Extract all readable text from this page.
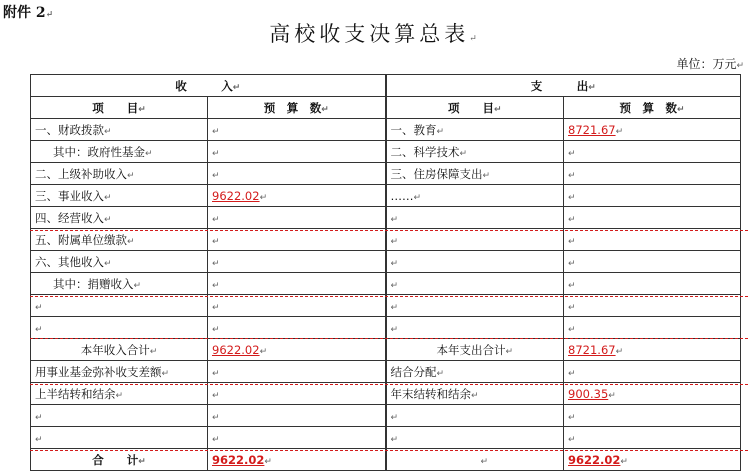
附件 2↵
高校收支决算总表↵
单位：万元↵
收　　　入↵		支　　　出↵	
项　　目↵	预　算　数↵	项　　目↵	预　算　数↵
一、财政拨款↵	↵	一、教育↵	8721.67↵
其中：政府性基金↵	↵	二、科学技术↵	↵
二、上级补助收入↵	↵	三、住房保障支出↵	↵
三、事业收入↵	9622.02↵	……↵	↵
四、经营收入↵	↵	↵	↵
五、附属单位缴款↵	↵	↵	↵
六、其他收入↵	↵	↵	↵
其中：捐赠收入↵	↵	↵	↵
↵	↵	↵	↵
↵	↵	↵	↵
本年收入合计↵	9622.02↵	本年支出合计↵	8721.67↵
用事业基金弥补收支差额↵	↵	结合分配↵	↵
上半结转和结余↵	↵	年末结转和结余↵	900.35↵
↵	↵	↵	↵
↵	↵	↵	↵
合　　计↵	9622.02↵	↵	9622.02↵
